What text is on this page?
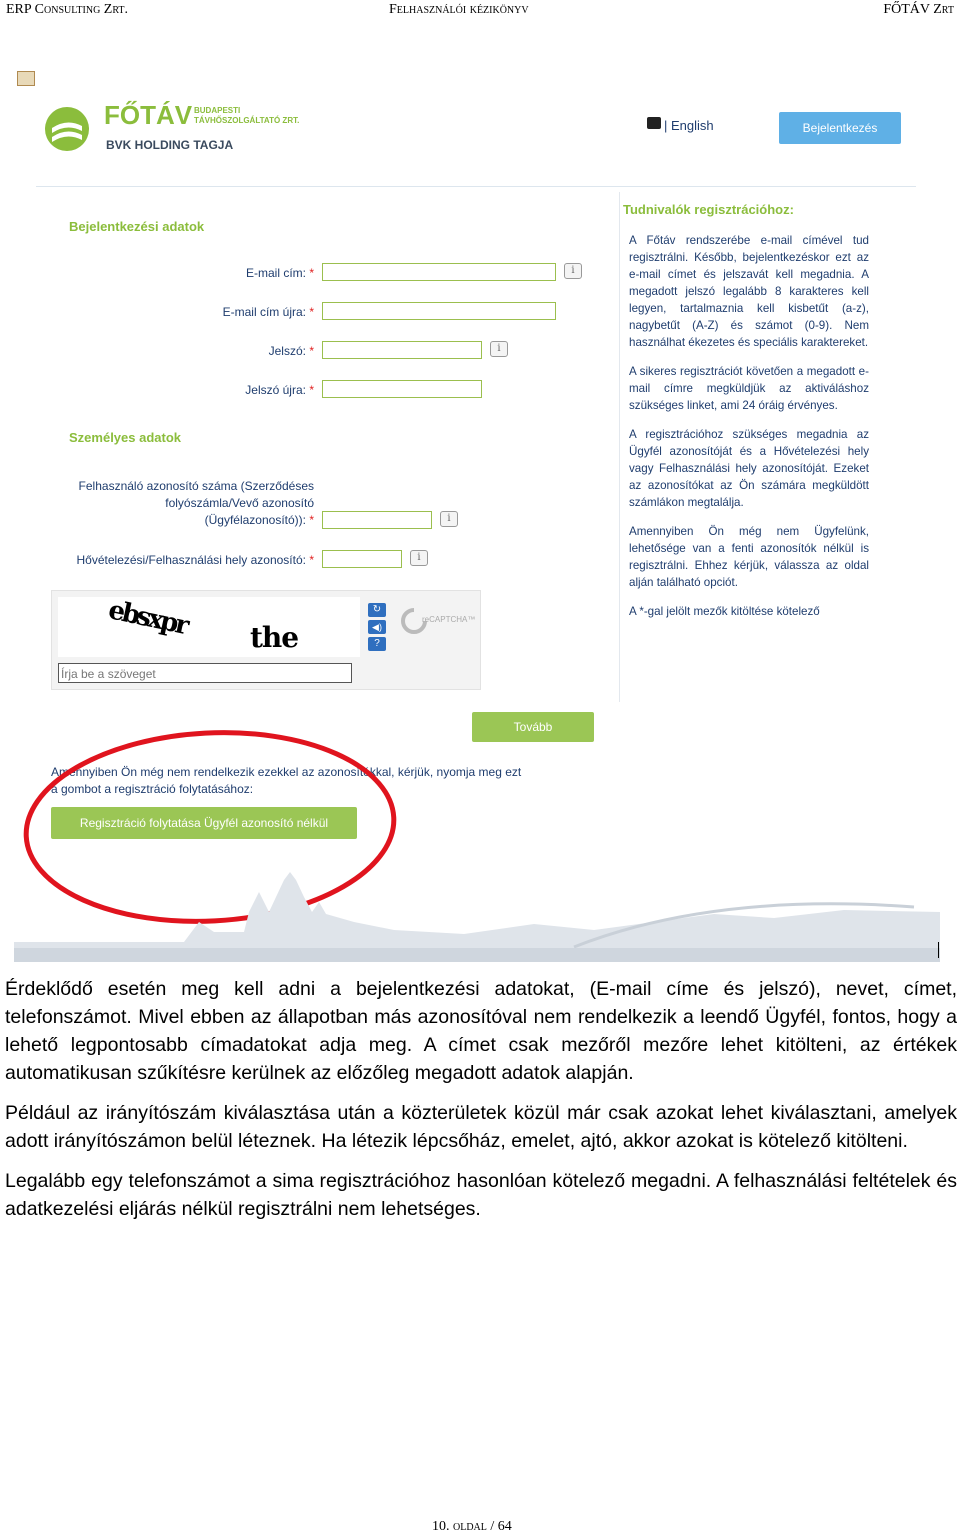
ERP Consulting Zrt.	Felhasználói kézikönyv	FŐTÁV Zrt
FŐTÁV BUDAPESTI
TÁVHŐSZOLGÁLTATÓ ZRT.
BVK HOLDING TAGJA
| English	Bejelentkezés
Bejelentkezési adatok
E-mail cím: *	i
E-mail cím újra: *
Jelszó: *	i
Jelszó újra: *
Személyes adatok
Felhasználó azonosító száma (Szerződéses
folyószámla/Vevő azonosító
(Ügyfélazonosító)): *	i
Hővételezési/Felhasználási hely azonosító: *	i
ebsxpr the
↻
◀)
?
reCAPTCHA™
Írja be a szöveget
Tovább
Amennyiben Ön még nem rendelkezik ezekkel az azonosítókkal, kérjük, nyomja meg ezt
a gombot a regisztráció folytatásához:
Regisztráció folytatása Ügyfél azonosító nélkül
Tudnivalók regisztrációhoz:

A Főtáv rendszerébe e-mail címével tud regisztrálni. Később, bejelentkezéskor ezt az e-mail címet és jelszavát kell megadnia. A megadott jelszó legalább 8 karakteres kell legyen, tartalmaznia kell kisbetűt (a-z), nagybetűt (A-Z) és számot (0-9). Nem használhat ékezetes és speciális karaktereket.

A sikeres regisztrációt követően a megadott e-mail címre megküldjük az aktiváláshoz szükséges linket, ami 24 óráig érvényes.

A regisztrációhoz szükséges megadnia az Ügyfél azonosítóját és a Hővételezési hely vagy Felhasználási hely azonosítóját. Ezeket az azonosítókat az Ön számára megküldött számlákon megtalálja.

Amennyiben Ön még nem Ügyfelünk, lehetősége van a fenti azonosítók nélkül is regisztrálni. Ehhez kérjük, válassza az oldal alján található opciót.

A *-gal jelölt mezők kitöltése kötelező

Érdeklődő esetén meg kell adni a bejelentkezési adatokat, (E-mail címe és jelszó), nevet, címet, telefonszámot. Mivel ebben az állapotban más azonosítóval nem rendelkezik a leendő Ügyfél, fontos, hogy a lehető legpontosabb címadatokat adja meg. A címet csak mezőről mezőre lehet kitölteni, az értékek automatikusan szűkítésre kerülnek az előzőleg megadott adatok alapján.

Például az irányítószám kiválasztása után a közterületek közül már csak azokat lehet kiválasztani, amelyek adott irányítószámon belül léteznek. Ha létezik lépcsőház, emelet, ajtó, akkor azokat is kötelező kitölteni.

Legalább egy telefonszámot a sima regisztrációhoz hasonlóan kötelező megadni. A felhasználási feltételek és adatkezelési eljárás nélkül regisztrálni nem lehetséges.

10. oldal / 64
